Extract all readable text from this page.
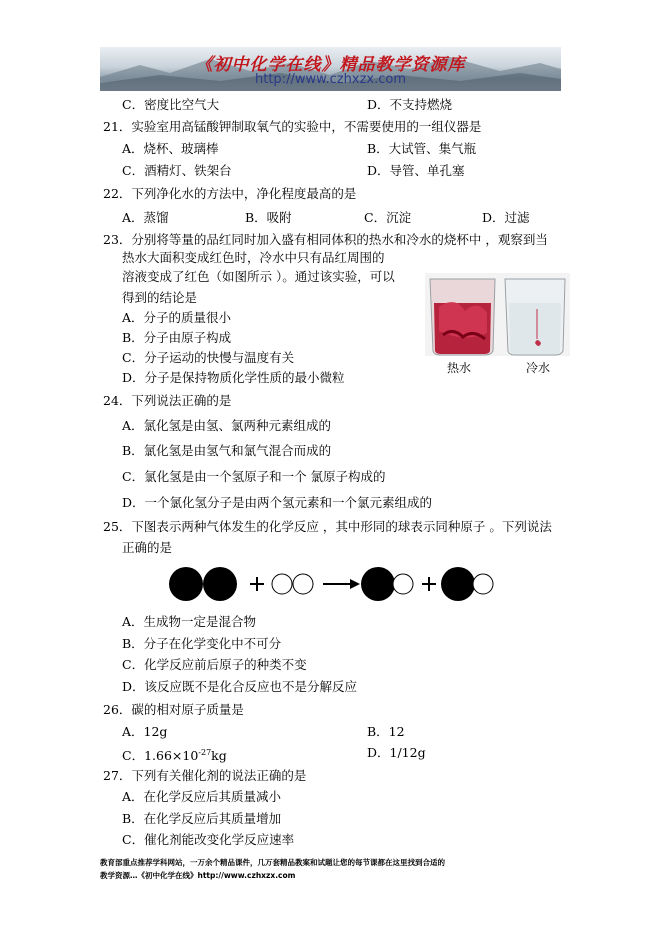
《初中化学在线》精品教学资源库
http://www.czhxzx.com
C．密度比空气大	D．不支持燃烧
21．实验室用高锰酸钾制取氧气的实验中，不需要使用的一组仪器是
A．烧杯、玻璃棒	B．大试管、集气瓶
C．酒精灯、铁架台	D．导管、单孔塞
22．下列净化水的方法中，净化程度最高的是
A．蒸馏	B．吸附	C．沉淀	D．过滤
23．分别将等量的品红同时加入盛有相同体积的热水和冷水的烧杯中 ，观察到当
热水大面积变成红色时，冷水中只有品红周围的
溶液变成了红色（如图所示 ）。通过该实验，可以
得到的结论是
A．分子的质量很小
B．分子由原子构成
C．分子运动的快慢与温度有关
D．分子是保持物质化学性质的最小微粒
热水	冷水
24．下列说法正确的是
A．氯化氢是由氢、氯两种元素组成的
B．氯化氢是由氢气和氯气混合而成的
C．氯化氢是由一个氢原子和一个 氯原子构成的
D．一个氯化氢分子是由两个氢元素和一个氯元素组成的
25．下图表示两种气体发生的化学反应 ，其中形同的球表示同种原子 。下列说法
正确的是
A．生成物一定是混合物
B．分子在化学变化中不可分
C．化学反应前后原子的种类不变
D．该反应既不是化合反应也不是分解反应
26．碳的相对原子质量是
A．12g	B．12
C．$1.66\times 10^{-27}kg$	D．1/12g
27．下列有关催化剂的说法正确的是
A．在化学反应后其质量减小
B．在化学反应后其质量增加
C．催化剂能改变化学反应速率
教育部重点推荐学科网站，一万余个精品课件，几万套精品教案和试题让您的每节课都在这里找到合适的
教学资源…《初中化学在线》http://www.czhxzx.com
